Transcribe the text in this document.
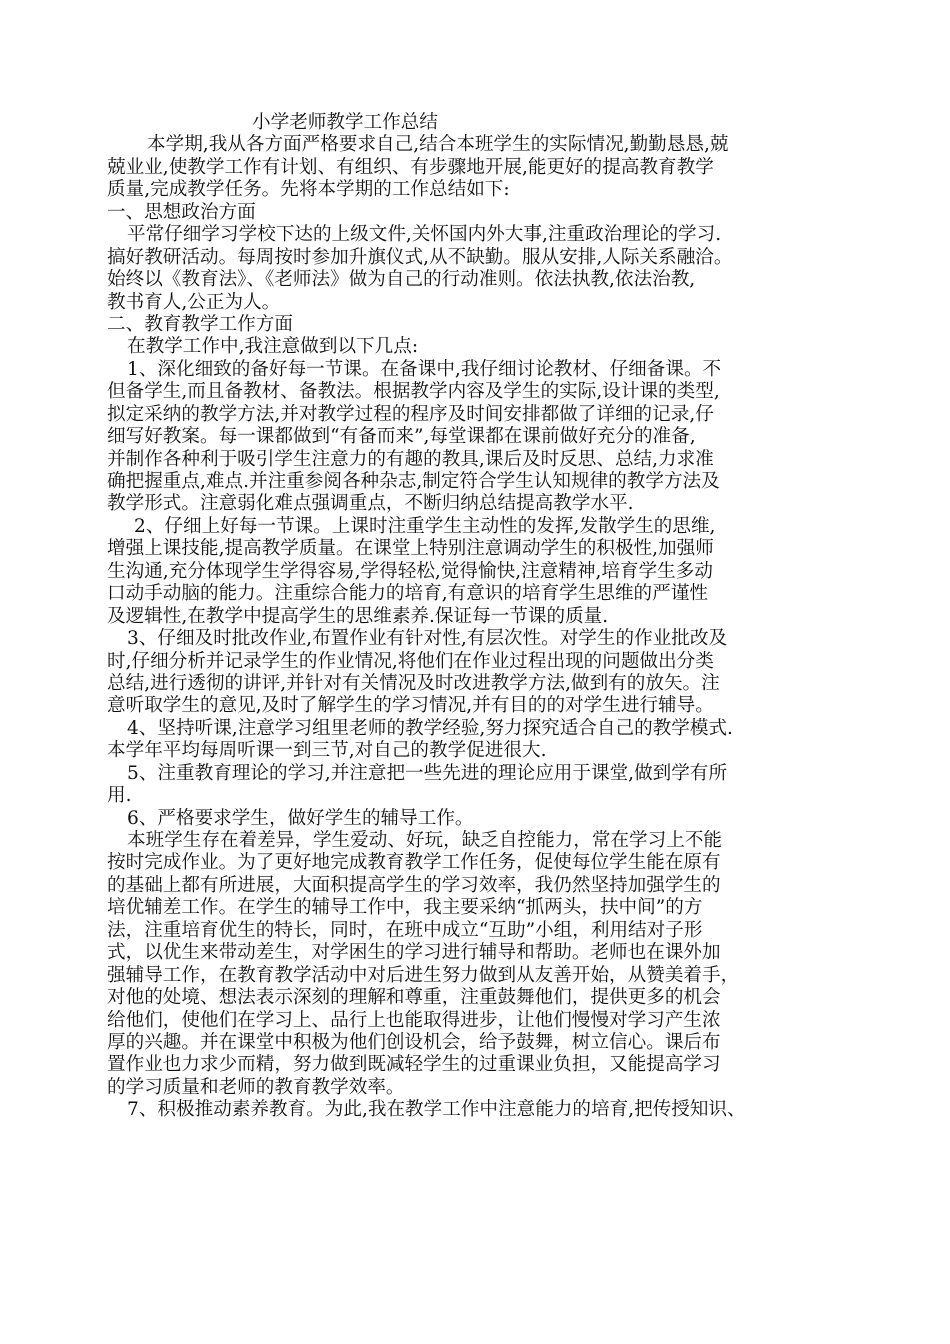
小学老师教学工作总结
本学期,我从各方面严格要求自己,结合本班学生的实际情况,勤勤恳恳,兢
兢业业,使教学工作有计划、有组织、有步骤地开展,能更好的提高教育教学
质量,完成教学任务。先将本学期的工作总结如下:
一、思想政治方面
平常仔细学习学校下达的上级文件,关怀国内外大事,注重政治理论的学习.
搞好教研活动。每周按时参加升旗仪式,从不缺勤。服从安排,人际关系融洽。
始终以《教育法》、《老师法》做为自己的行动准则。依法执教,依法治教,
教书育人,公正为人。
二、教育教学工作方面
在教学工作中,我注意做到以下几点:
1、深化细致的备好每一节课。在备课中,我仔细讨论教材、仔细备课。不
但备学生,而且备教材、备教法。根据教学内容及学生的实际,设计课的类型,
拟定采纳的教学方法,并对教学过程的程序及时间安排都做了详细的记录,仔
细写好教案。每一课都做到“有备而来”,每堂课都在课前做好充分的准备,
并制作各种利于吸引学生注意力的有趣的教具,课后及时反思、总结,力求准
确把握重点,难点.并注重参阅各种杂志,制定符合学生认知规律的教学方法及
教学形式。注意弱化难点强调重点，不断归纳总结提高教学水平.
2、仔细上好每一节课。上课时注重学生主动性的发挥,发散学生的思维,
增强上课技能,提高教学质量。在课堂上特别注意调动学生的积极性,加强师
生沟通,充分体现学生学得容易,学得轻松,觉得愉快,注意精神,培育学生多动
口动手动脑的能力。注重综合能力的培育,有意识的培育学生思维的严谨性
及逻辑性,在教学中提高学生的思维素养.保证每一节课的质量.
3、仔细及时批改作业,布置作业有针对性,有层次性。对学生的作业批改及
时,仔细分析并记录学生的作业情况,将他们在作业过程出现的问题做出分类
总结,进行透彻的讲评,并针对有关情况及时改进教学方法,做到有的放矢。注
意听取学生的意见,及时了解学生的学习情况,并有目的的对学生进行辅导。
4、坚持听课,注意学习组里老师的教学经验,努力探究适合自己的教学模式.
本学年平均每周听课一到三节,对自己的教学促进很大.
5、注重教育理论的学习,并注意把一些先进的理论应用于课堂,做到学有所
用.
6、严格要求学生，做好学生的辅导工作。
本班学生存在着差异，学生爱动、好玩，缺乏自控能力，常在学习上不能
按时完成作业。为了更好地完成教育教学工作任务，促使每位学生能在原有
的基础上都有所进展，大面积提高学生的学习效率，我仍然坚持加强学生的
培优辅差工作。在学生的辅导工作中，我主要采纳“抓两头，扶中间”的方
法，注重培育优生的特长，同时，在班中成立“互助”小组，利用结对子形
式，以优生来带动差生，对学困生的学习进行辅导和帮助。老师也在课外加
强辅导工作，在教育教学活动中对后进生努力做到从友善开始，从赞美着手，
对他的处境、想法表示深刻的理解和尊重，注重鼓舞他们，提供更多的机会
给他们，使他们在学习上、品行上也能取得进步，让他们慢慢对学习产生浓
厚的兴趣。并在课堂中积极为他们创设机会，给予鼓舞，树立信心。课后布
置作业也力求少而精，努力做到既减轻学生的过重课业负担，又能提高学习
的学习质量和老师的教育教学效率。
7、积极推动素养教育。为此,我在教学工作中注意能力的培育,把传授知识、
